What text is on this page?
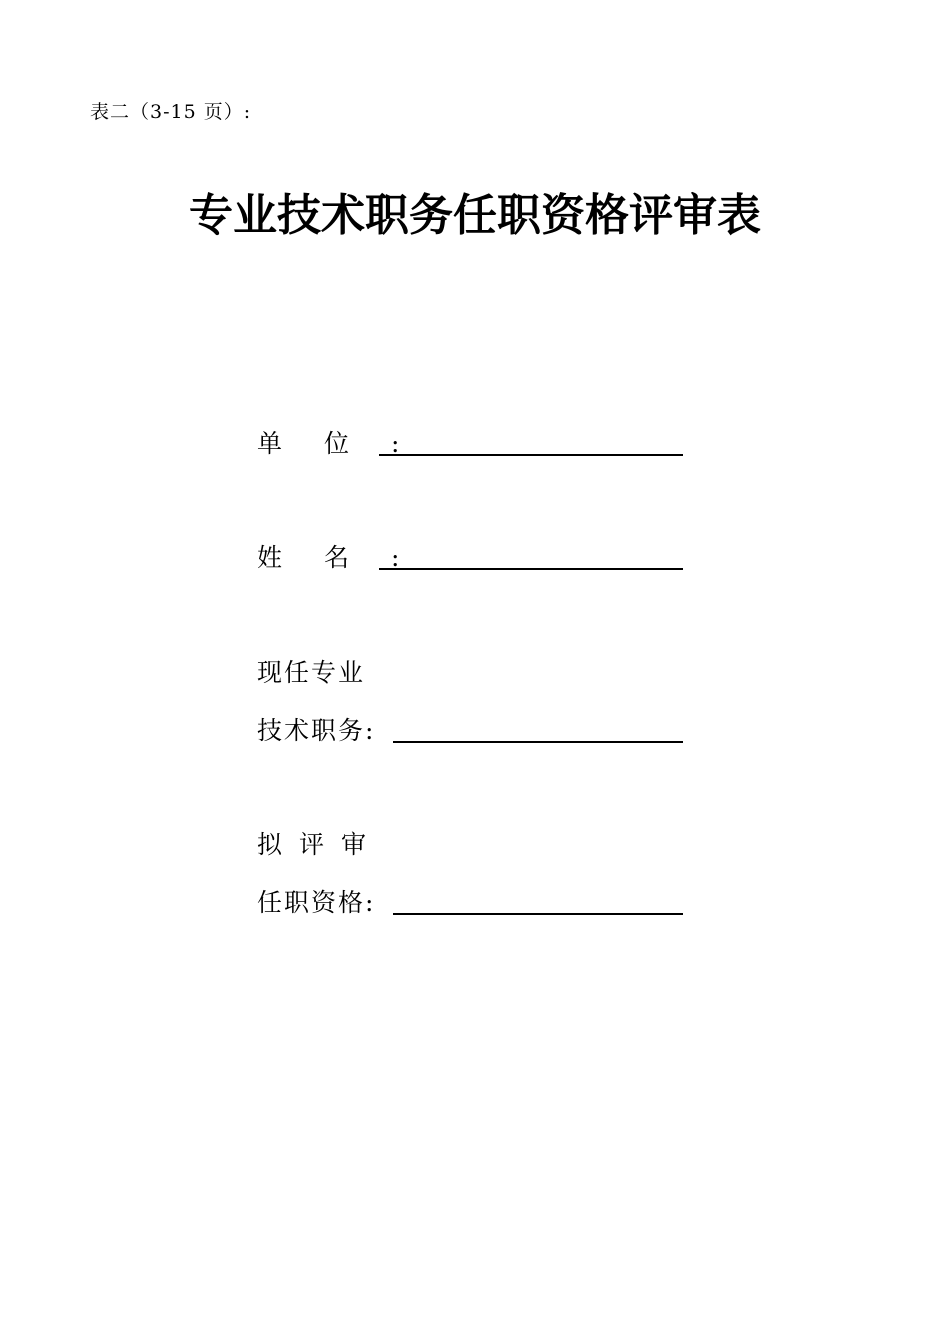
表二（3-15 页）:
专业技术职务任职资格评审表
单位:
姓名:
现任专业
技术职务:
拟评审
任职资格:
